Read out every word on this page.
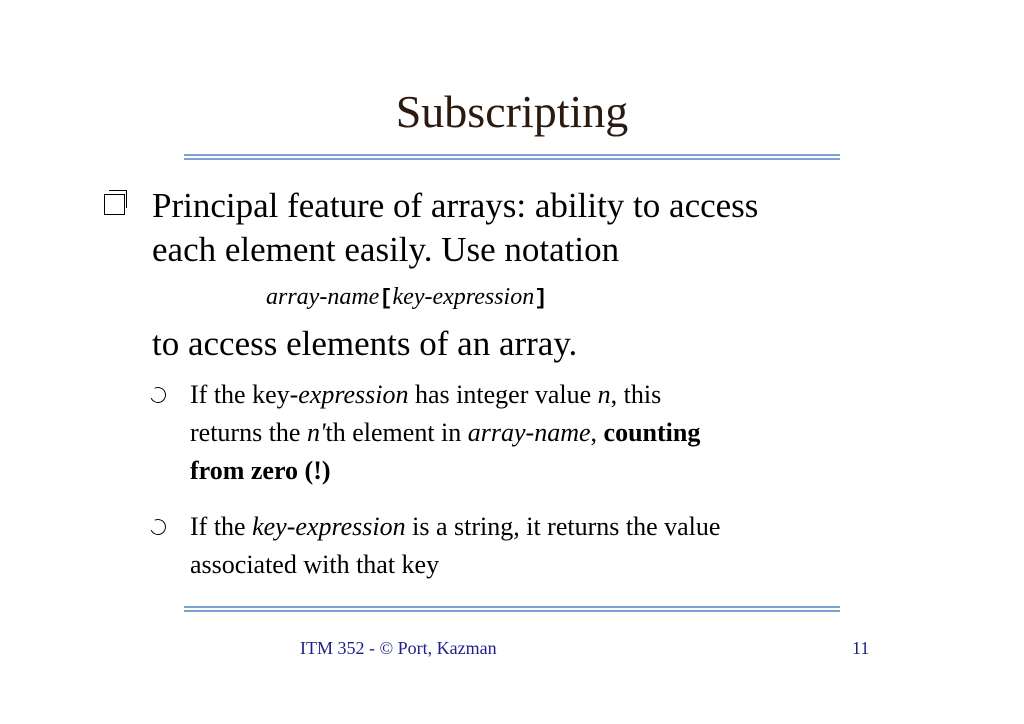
Subscripting
Principal feature of arrays: ability to access
each element easily. Use notation
array-name[key-expression]
to access elements of an array.
If the key-expression has integer value n, this
returns the n'th element in array-name, counting
from zero (!)
If the key-expression is a string, it returns the value
associated with that key
ITM 352 - © Port, Kazman	11
